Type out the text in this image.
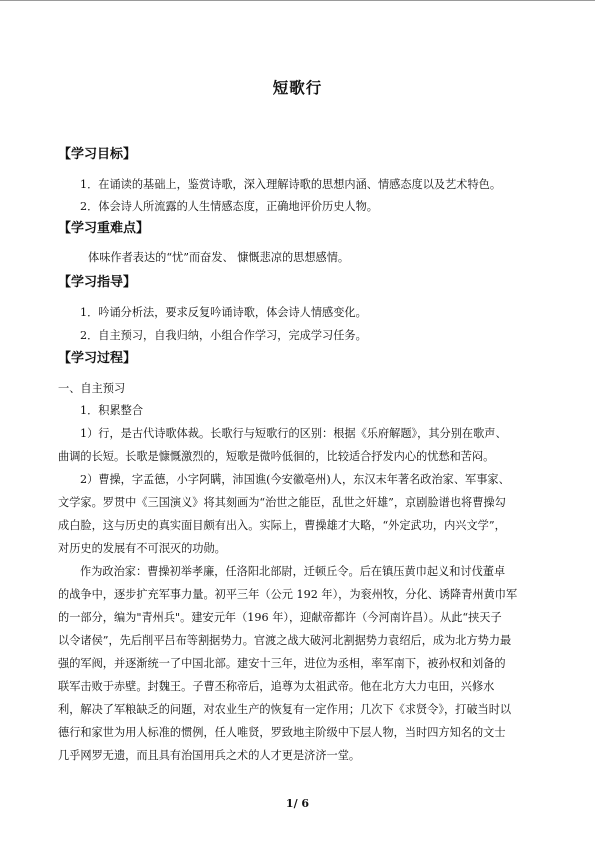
短歌行
【学习目标】
1．在诵读的基础上，鉴赏诗歌，深入理解诗歌的思想内涵、情感态度以及艺术特色。
2．体会诗人所流露的人生情感态度，正确地评价历史人物。
【学习重难点】
体味作者表达的“忧”而奋发、 慷慨悲凉的思想感情。
【学习指导】
1．吟诵分析法，要求反复吟诵诗歌，体会诗人情感变化。
2．自主预习，自我归纳，小组合作学习，完成学习任务。
【学习过程】
一、自主预习
1．积累整合
1）行，是古代诗歌体裁。长歌行与短歌行的区别：根据《乐府解题》，其分别在歌声、
曲调的长短。长歌是慷慨激烈的，短歌是微吟低徊的，比较适合抒发内心的忧愁和苦闷。
2）曹操，字孟德，小字阿瞒，沛国谯(今安徽亳州)人，东汉末年著名政治家、军事家、
文学家。罗贯中《三国演义》将其刻画为“治世之能臣，乱世之奸雄”，京剧脸谱也将曹操勾
成白脸，这与历史的真实面目颇有出入。实际上，曹操雄才大略，“外定武功，内兴文学”，
对历史的发展有不可泯灭的功勋。
作为政治家：曹操初举孝廉，任洛阳北部尉，迁顿丘令。后在镇压黄巾起义和讨伐董卓
的战争中，逐步扩充军事力量。初平三年（公元 192 年），为衮州牧，分化、诱降青州黄巾军
的一部分，编为"青州兵"。建安元年（196 年），迎献帝都许（今河南许昌）。从此“挟天子
以令诸侯”，先后削平吕布等割据势力。官渡之战大破河北割据势力袁绍后，成为北方势力最
强的军阀，并逐渐统一了中国北部。建安十三年，进位为丞相，率军南下，被孙权和刘备的
联军击败于赤壁。封魏王。子曹丕称帝后，追尊为太祖武帝。他在北方大力屯田，兴修水
利，解决了军粮缺乏的问题，对农业生产的恢复有一定作用；几次下《求贤令》，打破当时以
德行和家世为用人标准的惯例，任人唯贤，罗致地主阶级中下层人物，当时四方知名的文士
几乎网罗无遗，而且具有治国用兵之术的人才更是济济一堂。
1/ 6
